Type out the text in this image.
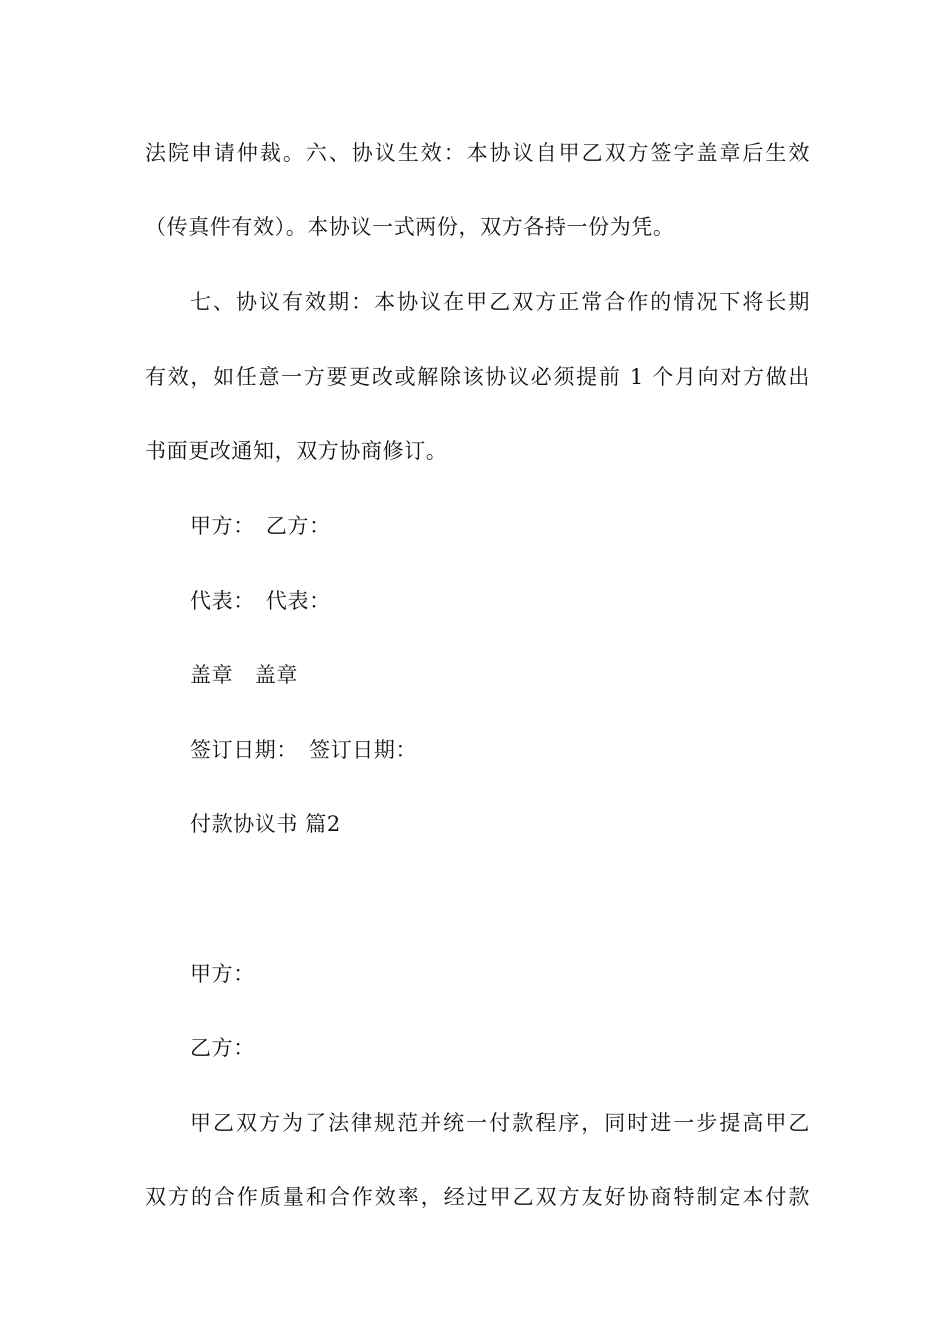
法院申请仲裁。六、协议生效：本协议自甲乙双方签字盖章后生效
（传真件有效）。本协议一式两份，双方各持一份为凭。
七、协议有效期：本协议在甲乙双方正常合作的情况下将长期
有效，如任意一方要更改或解除该协议必须提前 1 个月向对方做出
书面更改通知，双方协商修订。
甲方：　乙方：
代表：　代表：
盖章　盖章
签订日期：　签订日期：
付款协议书 篇2
甲方：
乙方：
甲乙双方为了法律规范并统一付款程序，同时进一步提高甲乙
双方的合作质量和合作效率，经过甲乙双方友好协商特制定本付款
